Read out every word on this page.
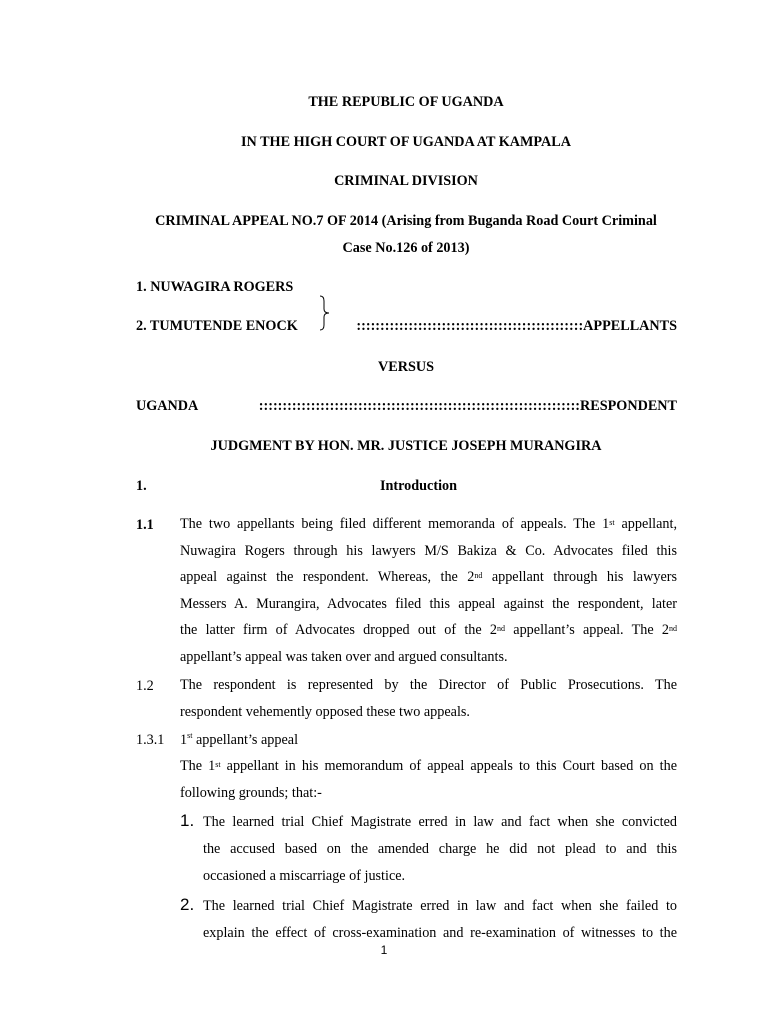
THE REPUBLIC OF UGANDA
IN THE HIGH COURT OF UGANDA AT KAMPALA
CRIMINAL DIVISION
CRIMINAL APPEAL NO.7 OF 2014 (Arising from Buganda Road Court Criminal
Case No.126 of 2013)
1. NUWAGIRA ROGERS
2. TUMUTENDE ENOCK	::::::::::::::::::::::::::::::::::::::::::::::::APPELLANTS
VERSUS
UGANDA	::::::::::::::::::::::::::::::::::::::::::::::::::::::::::::::::::::RESPONDENT
JUDGMENT BY HON. MR. JUSTICE JOSEPH MURANGIRA
1.	Introduction
1.1 The two appellants being filed different memoranda of appeals. The 1st appellant,
Nuwagira Rogers through his lawyers M/S Bakiza & Co. Advocates filed this
appeal against the respondent. Whereas, the 2nd appellant through his lawyers
Messers A. Murangira, Advocates filed this appeal against the respondent, later
the latter firm of Advocates dropped out of the 2nd appellant’s appeal. The 2nd
appellant’s appeal was taken over and argued consultants.
1.2 The respondent is represented by the Director of Public Prosecutions. The
respondent vehemently opposed these two appeals.
1.3.1 1st appellant’s appeal
The 1st appellant in his memorandum of appeal appeals to this Court based on the
following grounds; that:-
1. The learned trial Chief Magistrate erred in law and fact when she convicted
the accused based on the amended charge he did not plead to and this
occasioned a miscarriage of justice.
2. The learned trial Chief Magistrate erred in law and fact when she failed to
explain the effect of cross-examination and re-examination of witnesses to the
1
